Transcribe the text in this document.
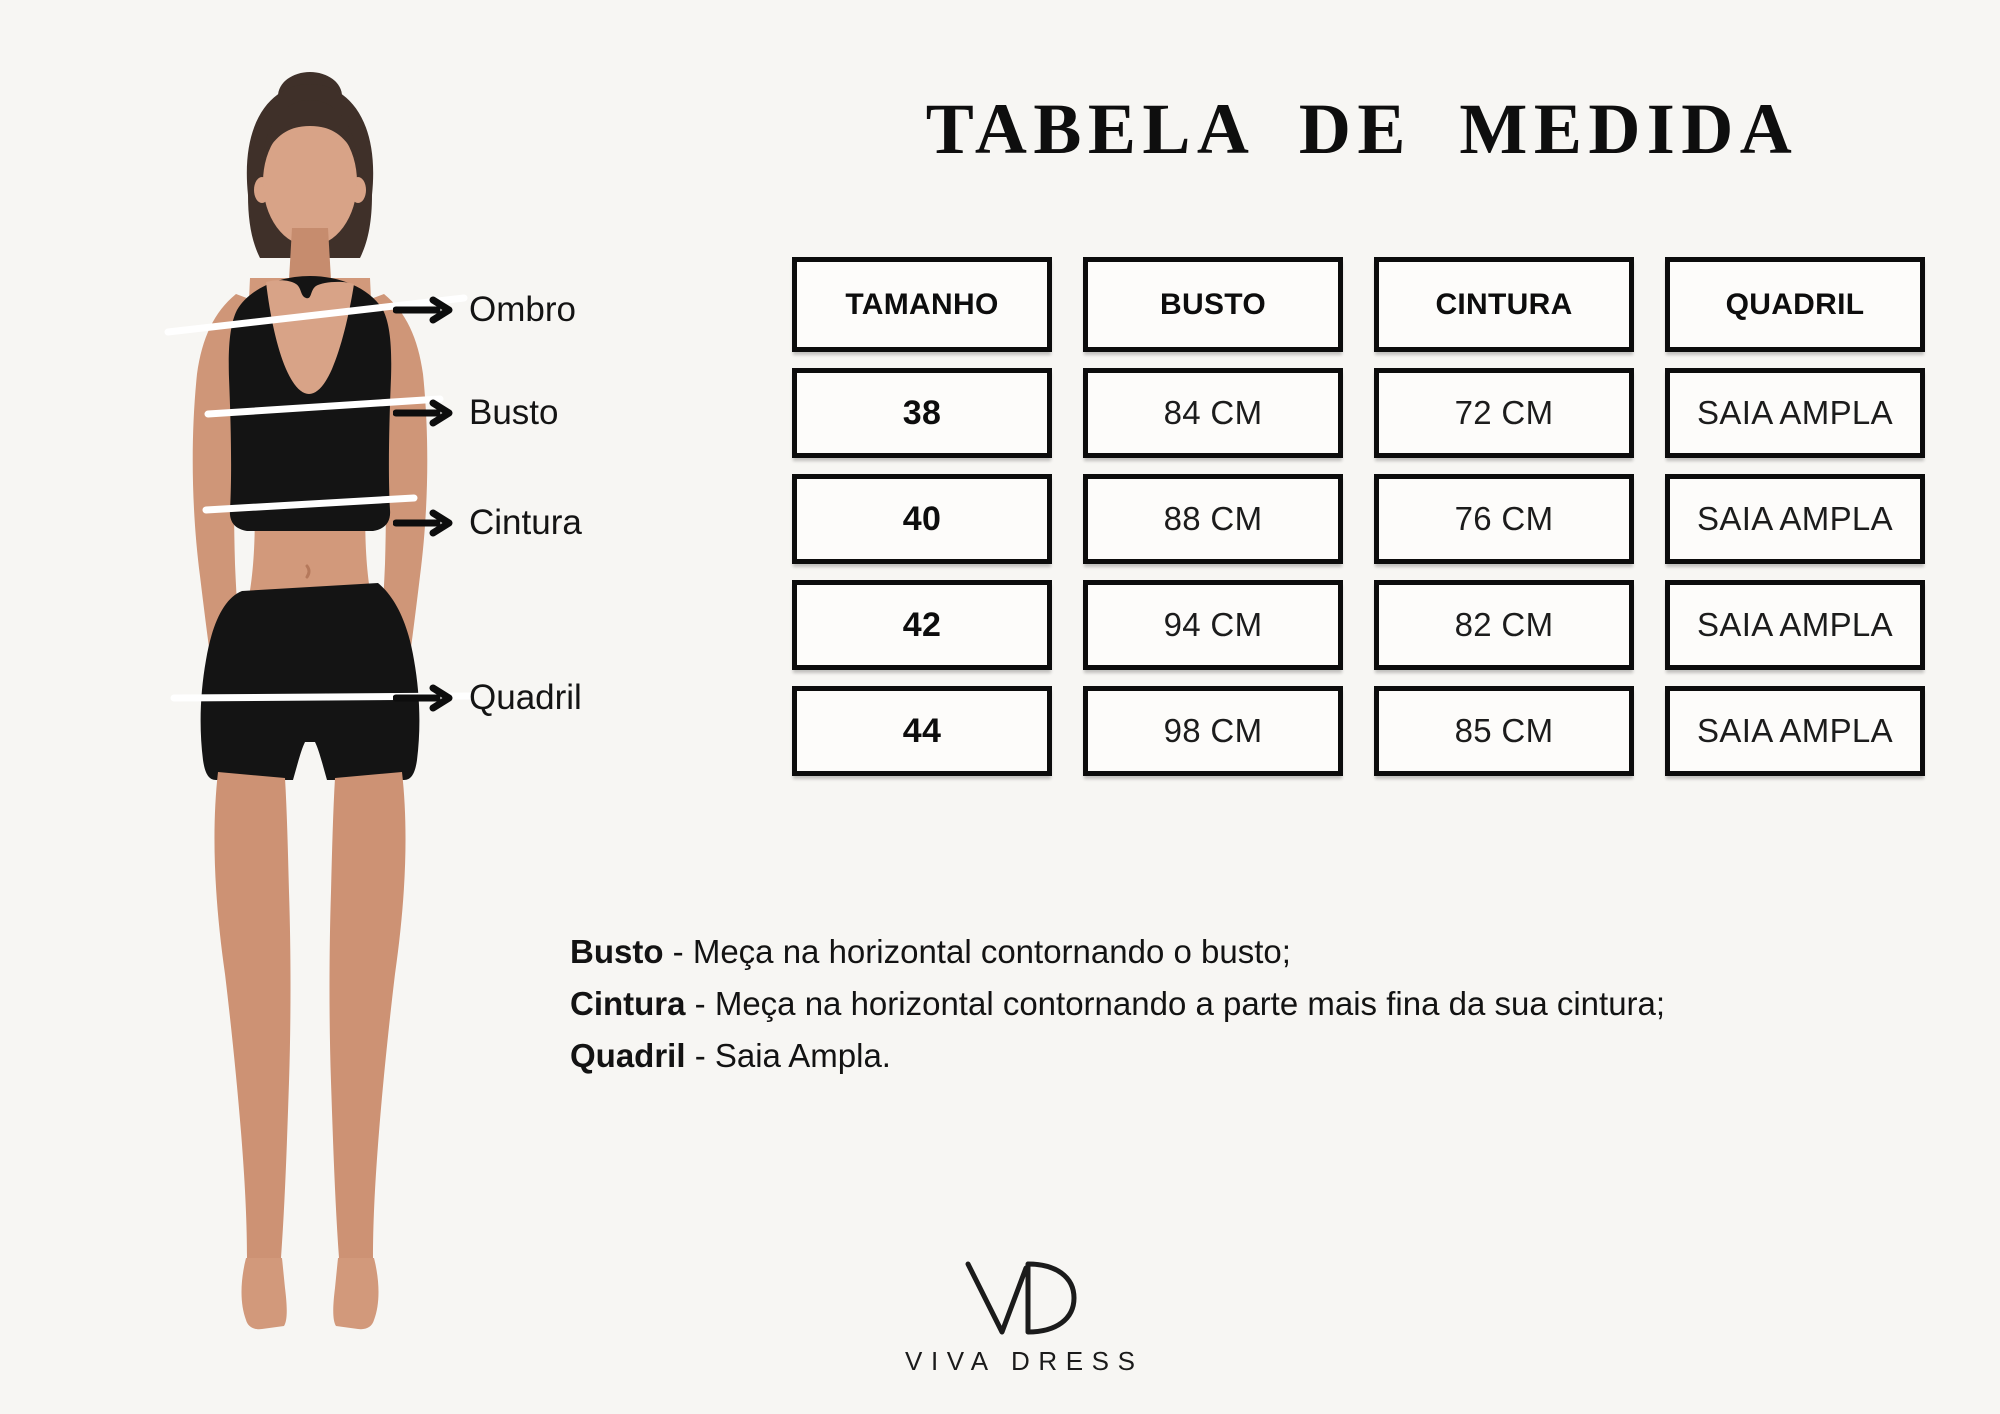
Ombro
Busto
Cintura
Quadril
TABELA DE MEDIDA
TAMANHO	BUSTO	CINTURA	QUADRIL
38	84 CM	72 CM	SAIA AMPLA
40	88 CM	76 CM	SAIA AMPLA
42	94 CM	82 CM	SAIA AMPLA
44	98 CM	85 CM	SAIA AMPLA
Busto - Meça na horizontal contornando o busto;
Cintura - Meça na horizontal contornando a parte mais fina da sua cintura;
Quadril - Saia Ampla.
VIVA DRESS
